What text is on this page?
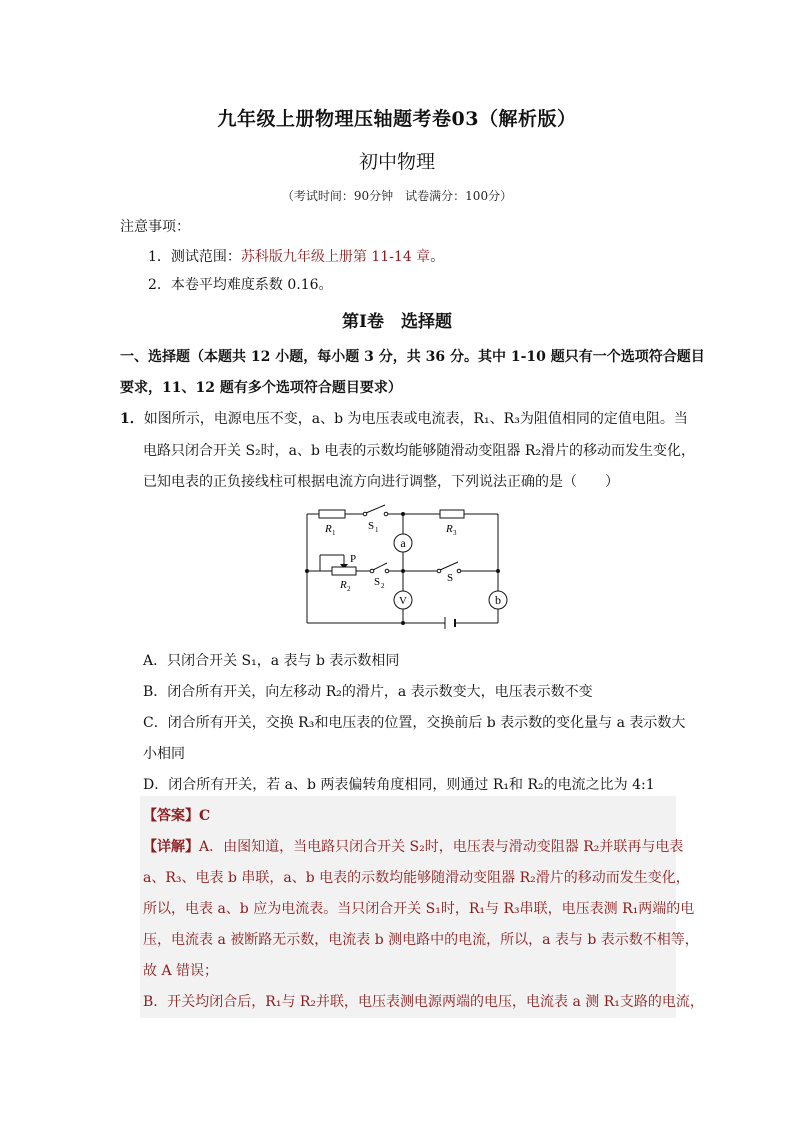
九年级上册物理压轴题考卷03（解析版）
初中物理
（考试时间：90分钟　试卷满分：100分）
注意事项：
1．测试范围：苏科版九年级上册第 11-14 章。
2．本卷平均难度系数 0.16。
第Ⅰ卷　选择题
一、选择题（本题共 12 小题，每小题 3 分，共 36 分。其中 1-10 题只有一个选项符合题目
要求，11、12 题有多个选项符合题目要求）
1．如图所示，电源电压不变，a、b 为电压表或电流表，R₁、R₃为阻值相同的定值电阻。当
电路只闭合开关 S₂时，a、b 电表的示数均能够随滑动变阻器 R₂滑片的移动而发生变化，
已知电表的正负接线柱可根据电流方向进行调整，下列说法正确的是（　　）
a
V	b
R 1	R 3
R 2
S 1
S 2
S
P
A．只闭合开关 S₁，a 表与 b 表示数相同
B．闭合所有开关，向左移动 R₂的滑片，a 表示数变大，电压表示数不变
C．闭合所有开关，交换 R₃和电压表的位置，交换前后 b 表示数的变化量与 a 表示数大
小相同
D．闭合所有开关，若 a、b 两表偏转角度相同，则通过 R₁和 R₂的电流之比为 4:1
【答案】C
【详解】A．由图知道，当电路只闭合开关 S₂时，电压表与滑动变阻器 R₂并联再与电表
a、R₃、电表 b 串联，a、b 电表的示数均能够随滑动变阻器 R₂滑片的移动而发生变化，
所以，电表 a、b 应为电流表。当只闭合开关 S₁时，R₁与 R₃串联，电压表测 R₁两端的电
压，电流表 a 被断路无示数，电流表 b 测电路中的电流，所以，a 表与 b 表示数不相等，
故 A 错误；
B．开关均闭合后，R₁与 R₂并联，电压表测电源两端的电压，电流表 a 测 R₁支路的电流，
